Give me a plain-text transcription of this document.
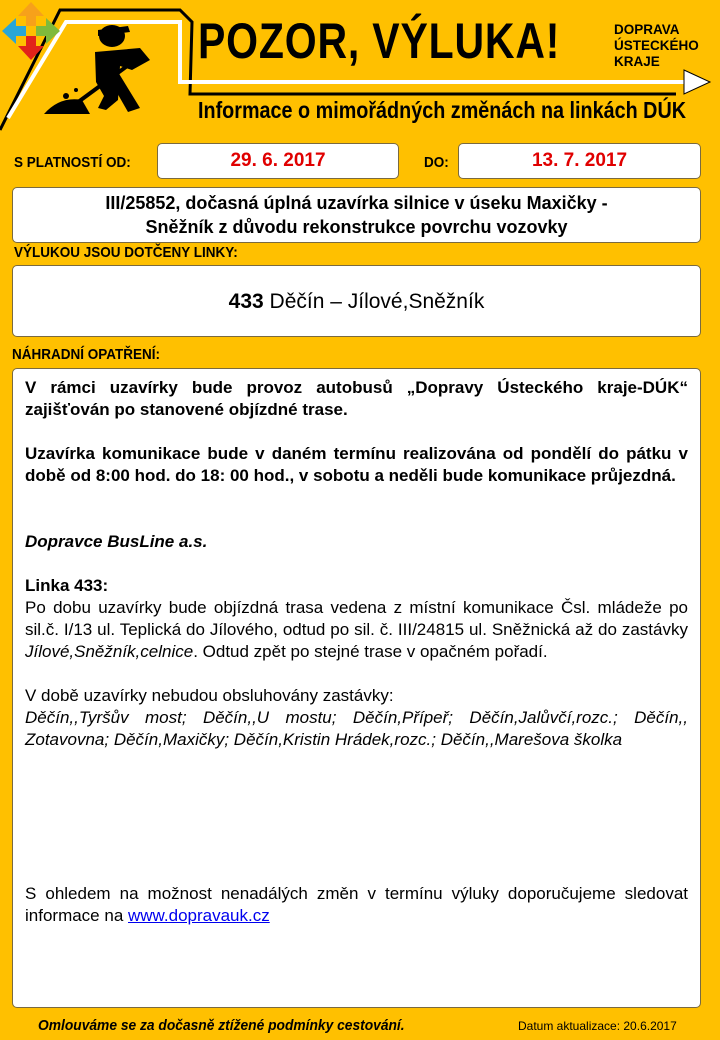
POZOR, VÝLUKA!
Informace o mimořádných změnách na linkách DÚK
DOPRAVA
ÚSTECKÉHO
KRAJE
S PLATNOSTÍ OD:	29. 6. 2017	DO:	13. 7. 2017
III/25852, dočasná úplná uzavírka silnice v úseku Maxičky -
Sněžník z důvodu rekonstrukce povrchu vozovky
VÝLUKOU JSOU DOTČENY LINKY:
433 Děčín – Jílové,Sněžník
NÁHRADNÍ OPATŘENÍ:

V rámci uzavírky bude provoz autobusů „Dopravy Ústeckého kraje-DÚK“ zajišťován po stanovené objízdné trase.

Uzavírka komunikace bude v daném termínu realizována od pondělí do pátku v době od 8:00 hod. do 18: 00 hod., v sobotu a neděli bude komunikace průjezdná.

Dopravce BusLine a.s.

Linka 433:

Po dobu uzavírky bude objízdná trasa vedena z místní komunikace Čsl. mládeže po sil.č. I/13 ul. Teplická do Jílového, odtud po sil. č. III/24815 ul. Sněžnická až do zastávky Jílové,Sněžník,celnice. Odtud zpět po stejné trase v opačném pořadí.

V době uzavírky nebudou obsluhovány zastávky:

Děčín,,Tyršův most; Děčín,,U mostu; Děčín,Přípeř; Děčín,Jalůvčí,rozc.; Děčín,, Zotavovna; Děčín,Maxičky; Děčín,Kristin Hrádek,rozc.; Děčín,,Marešova školka

S ohledem na možnost nenadálých změn v termínu výluky doporučujeme sledovat informace na www.dopravauk.cz

Omlouváme se za dočasně ztížené podmínky cestování.	Datum aktualizace: 20.6.2017
